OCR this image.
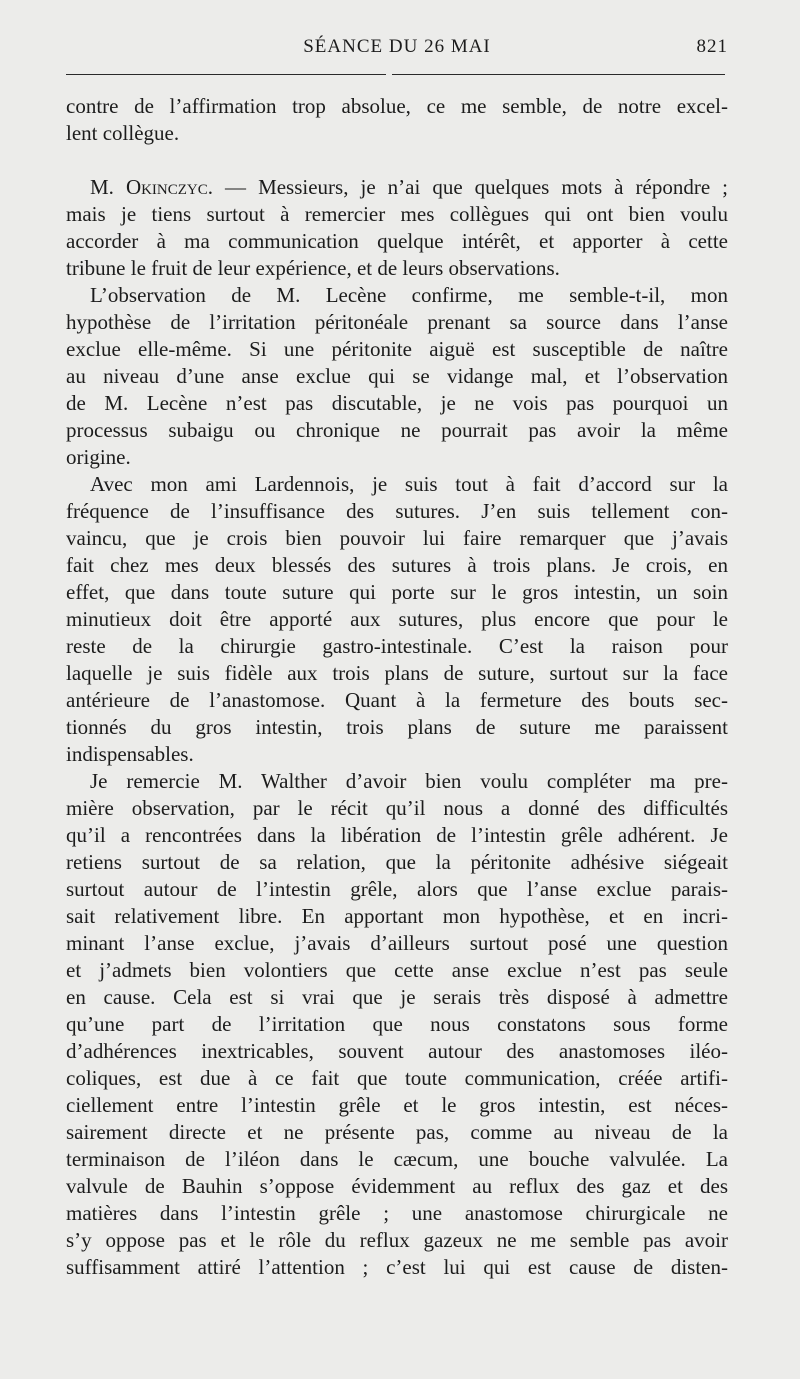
SÉANCE DU 26 MAI	821
contre de l’affirmation trop absolue, ce me semble, de notre excel-
lent collègue.
M. Okinczyc. — Messieurs, je n’ai que quelques mots à répondre ;
mais je tiens surtout à remercier mes collègues qui ont bien voulu
accorder à ma communication quelque intérêt, et apporter à cette
tribune le fruit de leur expérience, et de leurs observations.
L’observation de M. Lecène confirme, me semble-t-il, mon
hypothèse de l’irritation péritonéale prenant sa source dans l’anse
exclue elle-même. Si une péritonite aiguë est susceptible de naître
au niveau d’une anse exclue qui se vidange mal, et l’observation
de M. Lecène n’est pas discutable, je ne vois pas pourquoi un
processus subaigu ou chronique ne pourrait pas avoir la même
origine.
Avec mon ami Lardennois, je suis tout à fait d’accord sur la
fréquence de l’insuffisance des sutures. J’en suis tellement con-
vaincu, que je crois bien pouvoir lui faire remarquer que j’avais
fait chez mes deux blessés des sutures à trois plans. Je crois, en
effet, que dans toute suture qui porte sur le gros intestin, un soin
minutieux doit être apporté aux sutures, plus encore que pour le
reste de la chirurgie gastro-intestinale. C’est la raison pour
laquelle je suis fidèle aux trois plans de suture, surtout sur la face
antérieure de l’anastomose. Quant à la fermeture des bouts sec-
tionnés du gros intestin, trois plans de suture me paraissent
indispensables.
Je remercie M. Walther d’avoir bien voulu compléter ma pre-
mière observation, par le récit qu’il nous a donné des difficultés
qu’il a rencontrées dans la libération de l’intestin grêle adhérent. Je
retiens surtout de sa relation, que la péritonite adhésive siégeait
surtout autour de l’intestin grêle, alors que l’anse exclue parais-
sait relativement libre. En apportant mon hypothèse, et en incri-
minant l’anse exclue, j’avais d’ailleurs surtout posé une question
et j’admets bien volontiers que cette anse exclue n’est pas seule
en cause. Cela est si vrai que je serais très disposé à admettre
qu’une part de l’irritation que nous constatons sous forme
d’adhérences inextricables, souvent autour des anastomoses iléo-
coliques, est due à ce fait que toute communication, créée artifi-
ciellement entre l’intestin grêle et le gros intestin, est néces-
sairement directe et ne présente pas, comme au niveau de la
terminaison de l’iléon dans le cæcum, une bouche valvulée. La
valvule de Bauhin s’oppose évidemment au reflux des gaz et des
matières dans l’intestin grêle ; une anastomose chirurgicale ne
s’y oppose pas et le rôle du reflux gazeux ne me semble pas avoir
suffisamment attiré l’attention ; c’est lui qui est cause de disten-
